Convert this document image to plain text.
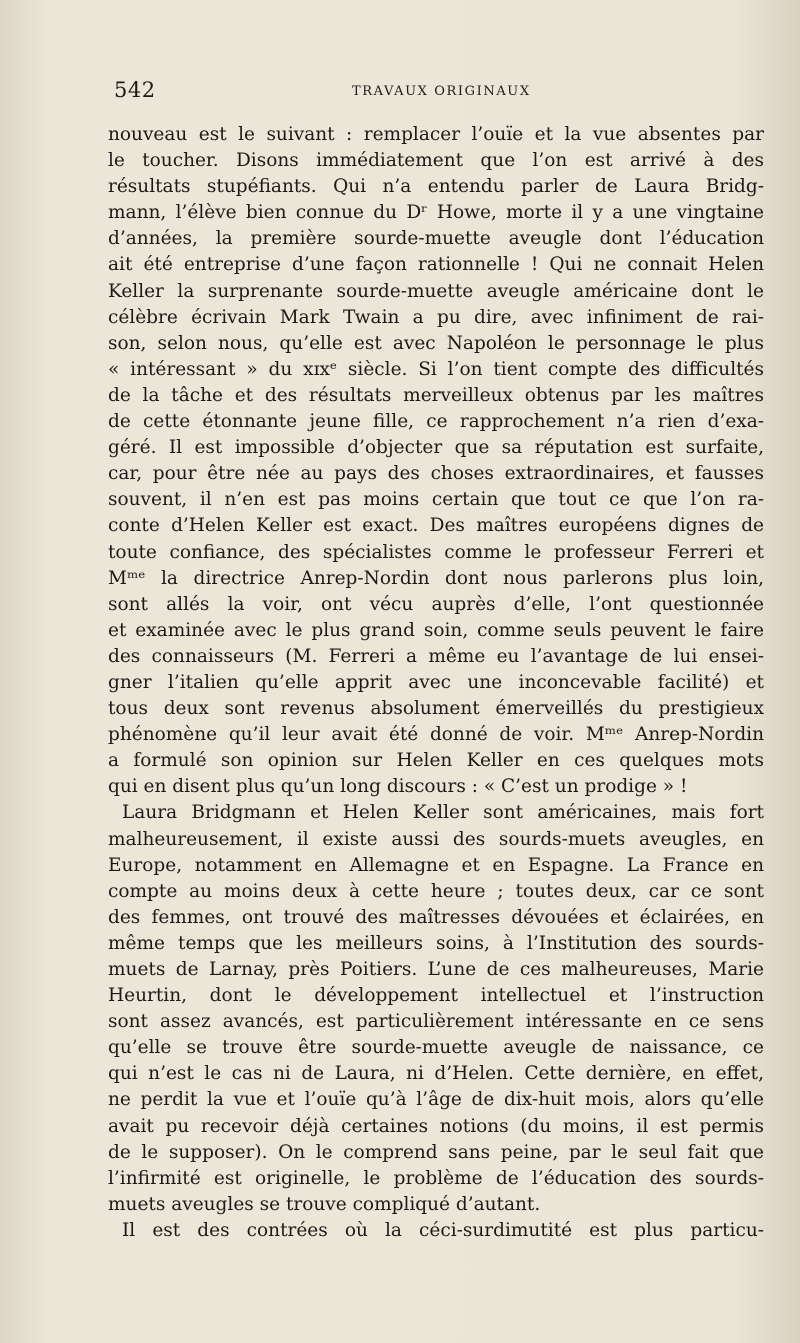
542	TRAVAUX ORIGINAUX
nouveau est le suivant : remplacer l’ouïe et la vue absentes par
le toucher. Disons immédiatement que l’on est arrivé à des
résultats stupéfiants. Qui n’a entendu parler de Laura Bridg-
mann, l’élève bien connue du Dʳ Howe, morte il y a une vingtaine
d’années, la première sourde-muette aveugle dont l’éducation
ait été entreprise d’une façon rationnelle ! Qui ne connait Helen
Keller la surprenante sourde-muette aveugle américaine dont le
célèbre écrivain Mark Twain a pu dire, avec infiniment de rai-
son, selon nous, qu’elle est avec Napoléon le personnage le plus
« intéressant » du xɪxᵉ siècle. Si l’on tient compte des difficultés
de la tâche et des résultats merveilleux obtenus par les maîtres
de cette étonnante jeune fille, ce rapprochement n’a rien d’exa-
géré. Il est impossible d’objecter que sa réputation est surfaite,
car, pour être née au pays des choses extraordinaires, et fausses
souvent, il n’en est pas moins certain que tout ce que l’on ra-
conte d’Helen Keller est exact. Des maîtres européens dignes de
toute confiance, des spécialistes comme le professeur Ferreri et
Mᵐᵉ la directrice Anrep-Nordin dont nous parlerons plus loin,
sont allés la voir, ont vécu auprès d’elle, l’ont questionnée
et examinée avec le plus grand soin, comme seuls peuvent le faire
des connaisseurs (M. Ferreri a même eu l’avantage de lui ensei-
gner l’italien qu’elle apprit avec une inconcevable facilité) et
tous deux sont revenus absolument émerveillés du prestigieux
phénomène qu’il leur avait été donné de voir. Mᵐᵉ Anrep-Nordin
a formulé son opinion sur Helen Keller en ces quelques mots
qui en disent plus qu’un long discours : « C’est un prodige » !
Laura Bridgmann et Helen Keller sont américaines, mais fort
malheureusement, il existe aussi des sourds-muets aveugles, en
Europe, notamment en Allemagne et en Espagne. La France en
compte au moins deux à cette heure ; toutes deux, car ce sont
des femmes, ont trouvé des maîtresses dévouées et éclairées, en
même temps que les meilleurs soins, à l’Institution des sourds-
muets de Larnay, près Poitiers. L’une de ces malheureuses, Marie
Heurtin, dont le développement intellectuel et l’instruction
sont assez avancés, est particulièrement intéressante en ce sens
qu’elle se trouve être sourde-muette aveugle de naissance, ce
qui n’est le cas ni de Laura, ni d’Helen. Cette dernière, en effet,
ne perdit la vue et l’ouïe qu’à l’âge de dix-huit mois, alors qu’elle
avait pu recevoir déjà certaines notions (du moins, il est permis
de le supposer). On le comprend sans peine, par le seul fait que
l’infirmité est originelle, le problème de l’éducation des sourds-
muets aveugles se trouve compliqué d’autant.
Il est des contrées où la céci-surdimutité est plus particu-
